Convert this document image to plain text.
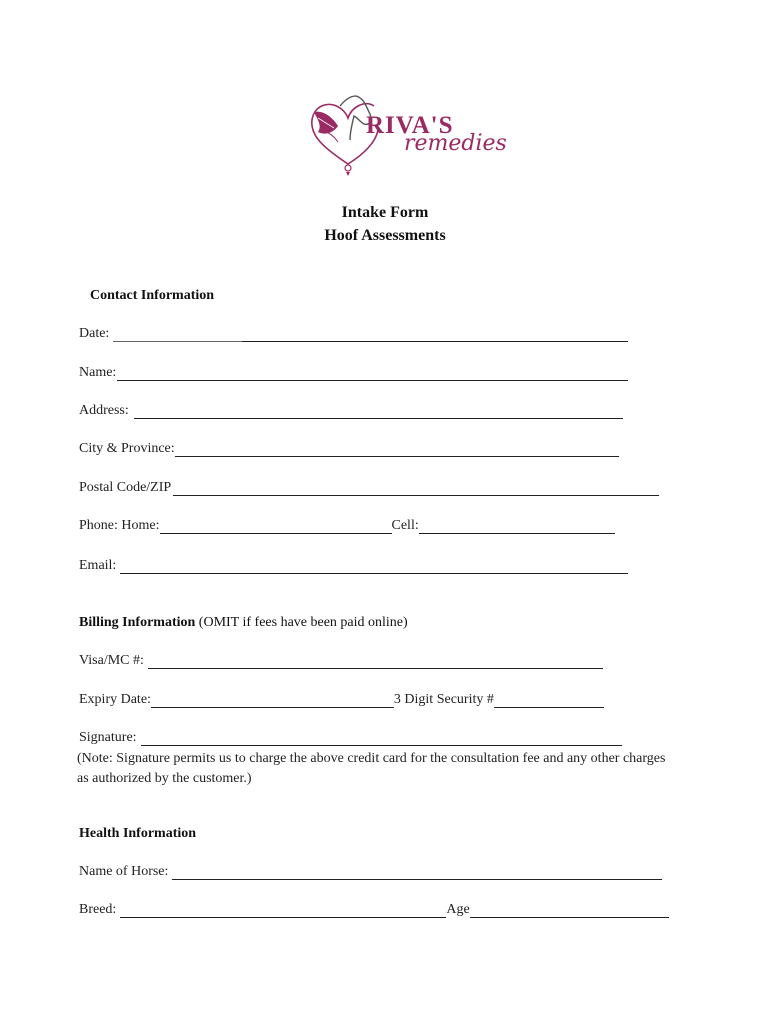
RIVA'S
remedies
Intake Form
Hoof Assessments
Contact Information
Date:
Name:
Address:
City & Province:
Postal Code/ZIP
Phone: Home:	Cell:
Email:
Billing Information (OMIT if fees have been paid online)
Visa/MC #:
Expiry Date:	3 Digit Security #
Signature:
(Note: Signature permits us to charge the above credit card for the consultation fee and any other charges as authorized by the customer.)
Health Information
Name of Horse:
Breed:	Age
